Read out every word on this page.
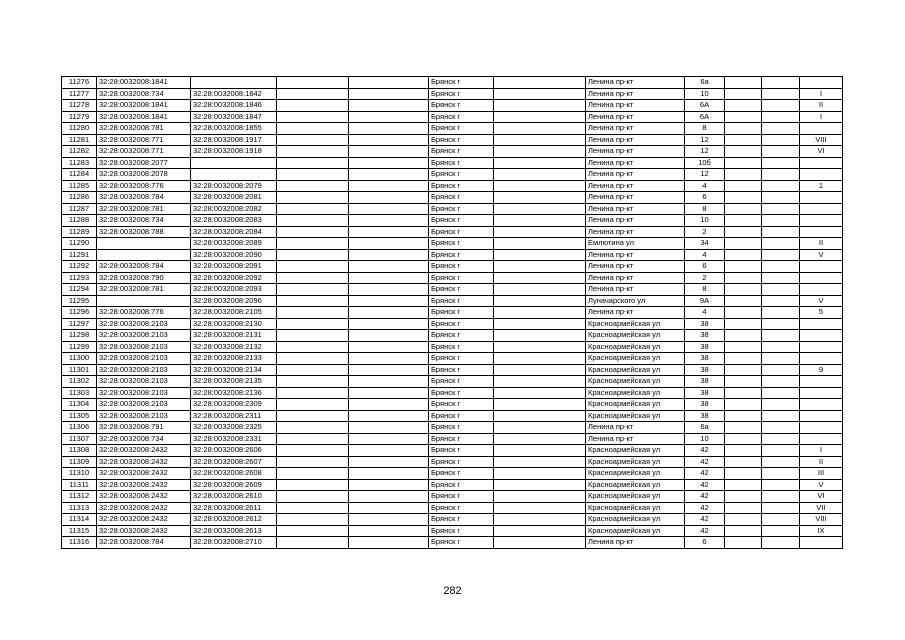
11276	32:28:0032008:1841				Брянск г		Ленина пр-кт	6а			
11277	32:28:0032008:734	32:28:0032008:1842			Брянск г		Ленина пр-кт	10			I
11278	32:28:0032008:1841	32:28:0032008:1846			Брянск г		Ленина пр-кт	6А			II
11279	32:28:0032008:1841	32:28:0032008:1847			Брянск г		Ленина пр-кт	6А			I
11280	32:28:0032008:781	32:28:0032008:1855			Брянск г		Ленина пр-кт	8			
11281	32:28:0032008:771	32:28:0032008:1917			Брянск г		Ленина пр-кт	12			VIII
11282	32:28:0032008:771	32:28:0032008:1918			Брянск г		Ленина пр-кт	12			VI
11283	32:28:0032008:2077				Брянск г		Ленина пр-кт	10б			
11284	32:28:0032008:2078				Брянск г		Ленина пр-кт	12			
11285	32:28:0032008:776	32:28:0032008:2079			Брянск г		Ленина пр-кт	4			1
11286	32:28:0032008:784	32:28:0032008:2081			Брянск г		Ленина пр-кт	6			
11287	32:28:0032008:781	32:28:0032008:2082			Брянск г		Ленина пр-кт	8			
11288	32:28:0032008:734	32:28:0032008:2083			Брянск г		Ленина пр-кт	10			
11289	32:28:0032008:788	32:28:0032008:2084			Брянск г		Ленина пр-кт	2			
11290		32:28:0032008:2089			Брянск г		Емлютина ул	34			II
11291		32:28:0032008:2090			Брянск г		Ленина пр-кт	4			V
11292	32:28:0032008:784	32:28:0032008:2091			Брянск г		Ленина пр-кт	6			
11293	32:28:0032008:790	32:28:0032008:2092			Брянск г		Ленина пр-кт	2			
11294	32:28:0032008:781	32:28:0032008:2093			Брянск г		Ленина пр-кт	8			
11295		32:28:0032008:2096			Брянск г		Луначарского ул	9А			V
11296	32:28:0032008:776	32:28:0032008:2105			Брянск г		Ленина пр-кт	4			5
11297	32:28:0032008:2103	32:28:0032008:2130			Брянск г		Красноармейская ул	38			
11298	32:28:0032008:2103	32:28:0032008:2131			Брянск г		Красноармейская ул	38			
11299	32:28:0032008:2103	32:28:0032008:2132			Брянск г		Красноармейская ул	38			
11300	32:28:0032008:2103	32:28:0032008:2133			Брянск г		Красноармейская ул	38			
11301	32:28:0032008:2103	32:28:0032008:2134			Брянск г		Красноармейская ул	38			9
11302	32:28:0032008:2103	32:28:0032008:2135			Брянск г		Красноармейская ул	38			
11303	32:28:0032008:2103	32:28:0032008:2136			Брянск г		Красноармейская ул	38			
11304	32:28:0032008:2103	32:28:0032008:2309			Брянск г		Красноармейская ул	38			
11305	32:28:0032008:2103	32:28:0032008:2311			Брянск г		Красноармейская ул	38			
11306	32:28:0032008:791	32:28:0032008:2325			Брянск г		Ленина пр-кт	6а			
11307	32:28:0032008:734	32:28:0032008:2331			Брянск г		Ленина пр-кт	10			
11308	32:28:0032008:2432	32:28:0032008:2606			Брянск г		Красноармейская ул	42			I
11309	32:28:0032008:2432	32:28:0032008:2607			Брянск г		Красноармейская ул	42			II
11310	32:28:0032008:2432	32:28:0032008:2608			Брянск г		Красноармейская ул	42			III
11311	32:28:0032008:2432	32:28:0032008:2609			Брянск г		Красноармейская ул	42			V
11312	32:28:0032008:2432	32:28:0032008:2610			Брянск г		Красноармейская ул	42			VI
11313	32:28:0032008:2432	32:28:0032008:2611			Брянск г		Красноармейская ул	42			VII
11314	32:28:0032008:2432	32:28:0032008:2612			Брянск г		Красноармейская ул	42			VIII
11315	32:28:0032008:2432	32:28:0032008:2613			Брянск г		Красноармейская ул	42			IX
11316	32:28:0032008:784	32:28:0032008:2710			Брянск г		Ленина пр-кт	6			
282
